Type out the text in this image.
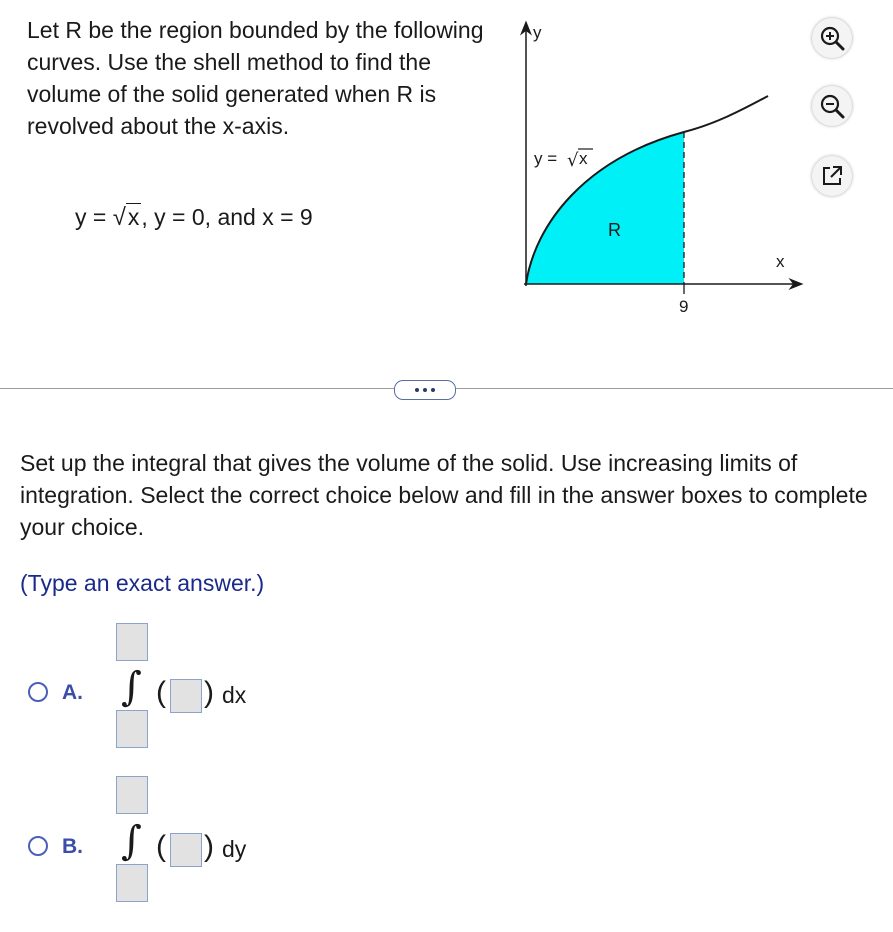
Let R be the region bounded by the following curves. Use the shell method to find the volume of the solid generated when R is revolved about the x-axis.
y = √x, y = 0, and x = 9
y
x
9
R
y = √ x
Set up the integral that gives the volume of the solid. Use increasing limits of integration. Select the correct choice below and fill in the answer boxes to complete your choice.
(Type an exact answer.)
A. ∫ ( ) dx
B. ∫ ( ) dy
